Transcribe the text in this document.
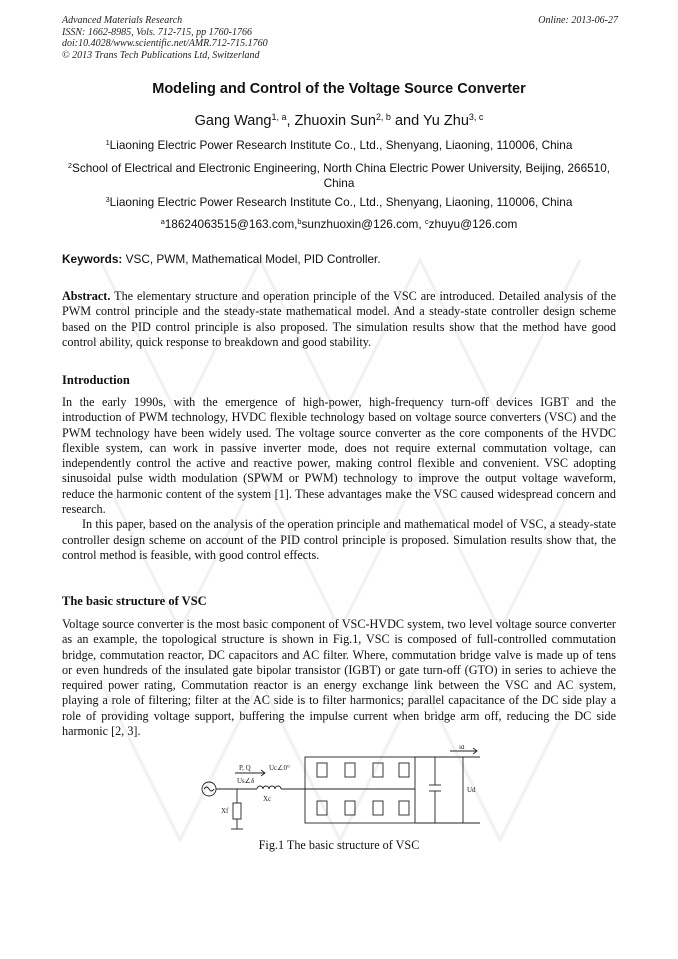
Advanced Materials Research
ISSN: 1662-8985, Vols. 712-715, pp 1760-1766
doi:10.4028/www.scientific.net/AMR.712-715.1760
© 2013 Trans Tech Publications Ltd, Switzerland
Online: 2013-06-27
Modeling and Control of the Voltage Source Converter
Gang Wang$^{1, a}$, Zhuoxin Sun$^{2, b}$ and Yu Zhu$^{3, c}$
$^1$Liaoning Electric Power Research Institute Co., Ltd., Shenyang, Liaoning, 110006, China
$^2$School of Electrical and Electronic Engineering, North China Electric Power University, Beijing, 266510, China
$^3$Liaoning Electric Power Research Institute Co., Ltd., Shenyang, Liaoning, 110006, China
$^a$18624063515@163.com,$^b$sunzhuoxin@126.com, $^c$zhuyu@126.com
Keywords: VSC, PWM, Mathematical Model, PID Controller.

Abstract. The elementary structure and operation principle of the VSC are introduced. Detailed analysis of the PWM control principle and the steady-state mathematical model. And a steady-state controller design scheme based on the PID control principle is also proposed. The simulation results show that the method have good control ability, quick response to breakdown and good stability.

Introduction

In the early 1990s, with the emergence of high-power, high-frequency turn-off devices IGBT and the introduction of PWM technology, HVDC flexible technology based on voltage source converters (VSC) and the PWM technology have been widely used. The voltage source converter as the core components of the HVDC flexible system, can work in passive inverter mode, does not require external commutation voltage, can independently control the active and reactive power, making control flexible and convenient. VSC adopting sinusoidal pulse width modulation (SPWM or PWM) technology to improve the output voltage waveform, reduce the harmonic content of the system [1]. These advantages make the VSC caused widespread concern and research.

In this paper, based on the analysis of the operation principle and mathematical model of VSC, a steady-state controller design scheme on account of the PID control principle is proposed. Simulation results show that, the control method is feasible, with good control effects.

The basic structure of VSC

Voltage source converter is the most basic component of VSC-HVDC system, two level voltage source converter as an example, the topological structure is shown in Fig.1, VSC is composed of full-controlled commutation bridge, commutation reactor, DC capacitors and AC filter. Where, commutation bridge valve is made up of tens or even hundreds of the insulated gate bipolar transistor (IGBT) or gate turn-off (GTO) in series to achieve the required power rating, Commutation reactor is an energy exchange link between the VSC and AC system, playing a role of filtering; filter at the AC side is to filter harmonics; parallel capacitance of the DC side play a role of providing voltage support, buffering the impulse current when bridge arm off, reducing the DC side harmonic [2, 3].

P, Q	Uc∠0°
Us∠δ
Xc
Xf
id
Ud
Fig.1 The basic structure of VSC
